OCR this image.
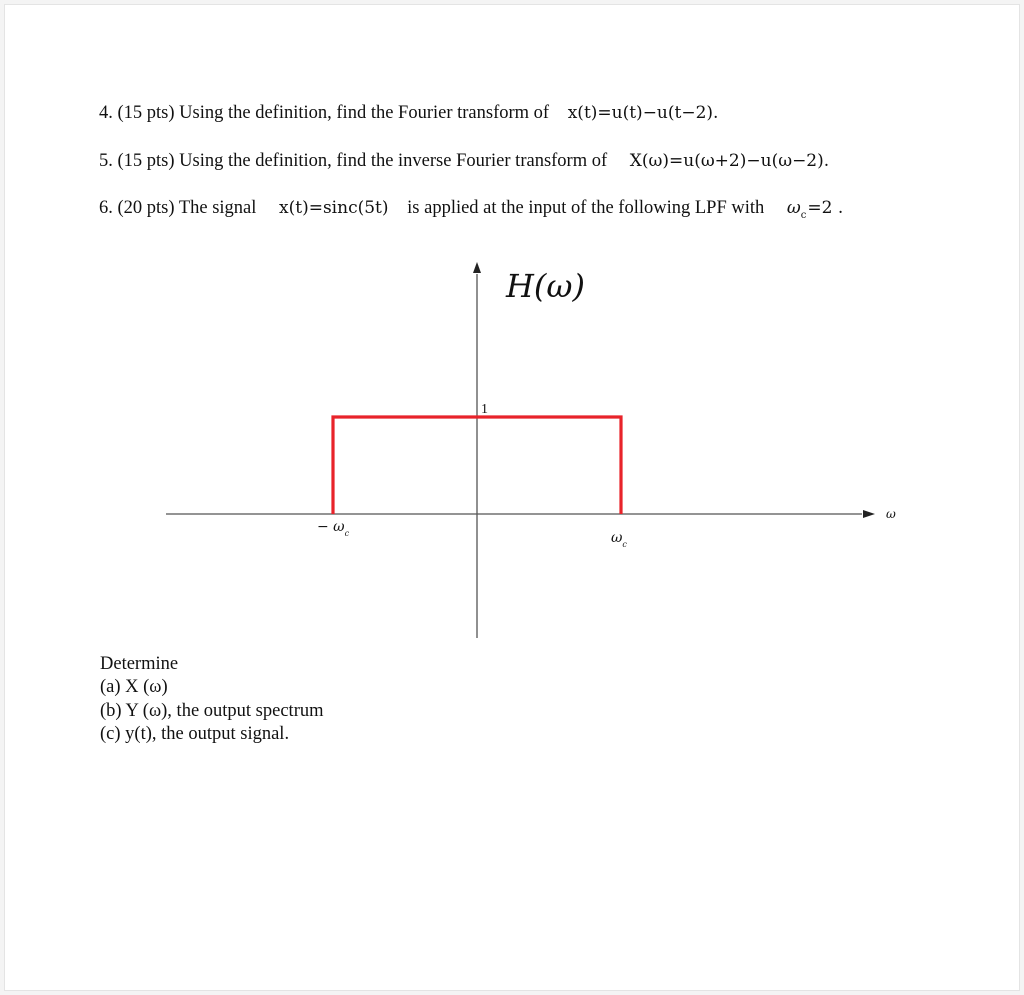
4. (15 pts) Using the definition, find the Fourier transform of x(t)=u(t)−u(t−2).
5. (15 pts) Using the definition, find the inverse Fourier transform of X(ω)=u(ω+2)−u(ω−2).
6. (20 pts) The signal x(t)=sinc(5t) is applied at the input of the following LPF with $\omega_c=2$ .
Determine
(a) X (ω)
(b) Y (ω), the output spectrum
(c) y(t), the output signal.
H(ω)
1
ω
− $\omega_c$	$\omega_c$
